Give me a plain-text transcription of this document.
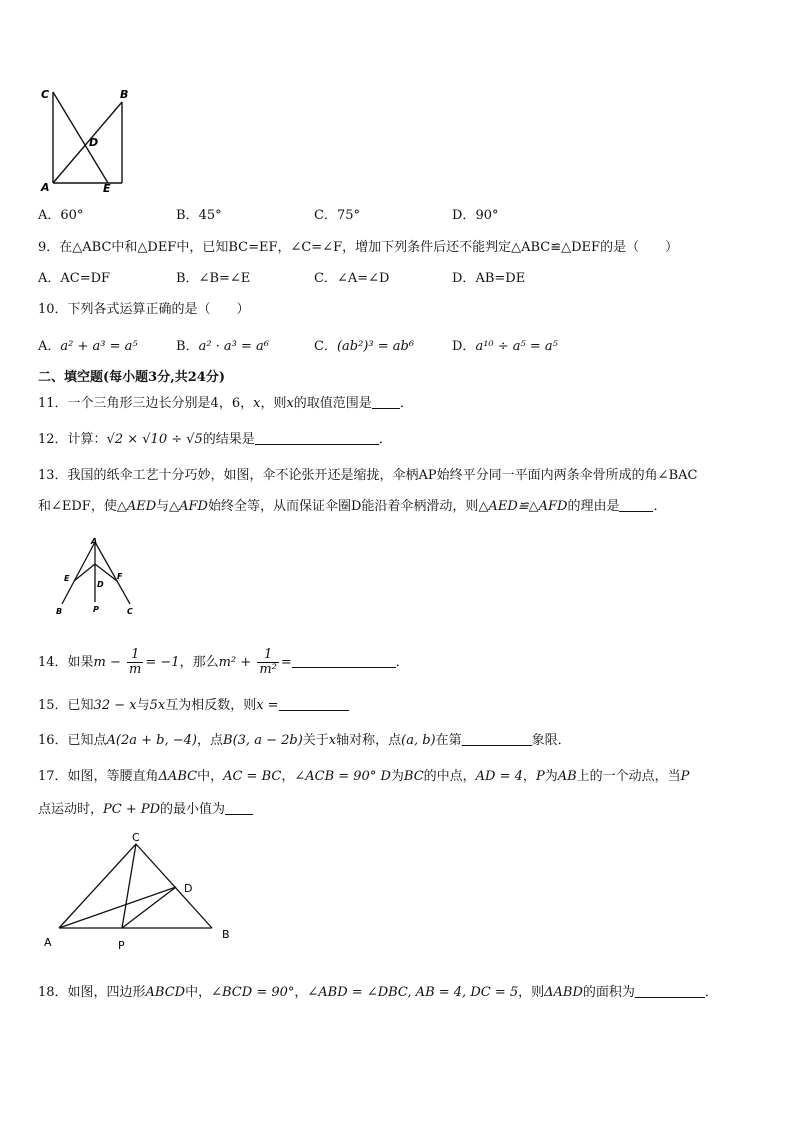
C	B
D
A	E
A．60°	B．45°	C．75°	D．90°
9．在△ABC中和△DEF中，已知BC=EF，∠C=∠F，增加下列条件后还不能判定△ABC≌△DEF的是（　　）
A．AC=DF	B．∠B=∠E	C．∠A=∠D	D．AB=DE
10．下列各式运算正确的是（　　）
A．a² + a³ = a⁵	B．a² · a³ = a⁶	C．(ab²)³ = ab⁶	D．a¹⁰ ÷ a⁵ = a⁵
二、填空题(每小题3分,共24分)
11．一个三角形三边长分别是4，6，x，则x的取值范围是 ．
12．计算：√2 × √10 ÷ √5的结果是	．
13．我国的纸伞工艺十分巧妙，如图，伞不论张开还是缩拢，伞柄AP始终平分同一平面内两条伞骨所成的角∠BAC
和∠EDF，使△AED与△AFD始终全等，从而保证伞圈D能沿着伞柄滑动，则△AED≌△AFD的理由是	．
A
E	F
D
B	P	C
14．如果$m - \frac{1}{m} = -1$，那么$m^2 + \frac{1}{\text{m²}}$ =	．
15．已知32 − x与5x互为相反数，则x =
16．已知点A(2a + b, −4)，点B(3, a − 2b)关于x轴对称，点(a, b)在第	象限．
17．如图，等腰直角ΔABC中，AC = BC，∠ACB = 90° D为BC的中点，AD = 4，P为AB上的一个动点，当P
点运动时，PC + PD的最小值为
C
D
A	P
B
18．如图，四边形ABCD中，∠BCD = 90°，∠ABD = ∠DBC, AB = 4, DC = 5，则ΔABD的面积为	．
